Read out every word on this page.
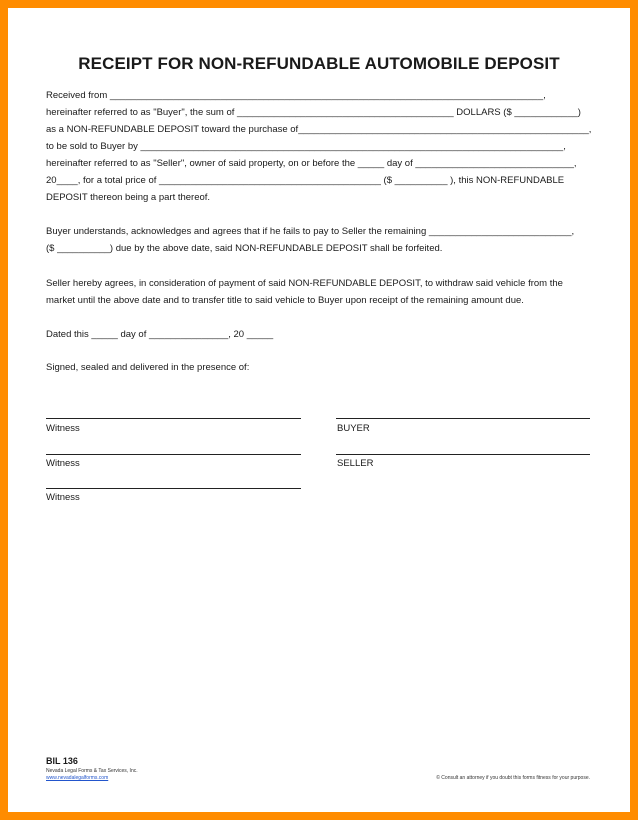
RECEIPT FOR NON-REFUNDABLE AUTOMOBILE DEPOSIT
Received from __________________________________________________________________________________,
hereinafter referred to as "Buyer", the sum of _________________________________________ DOLLARS ($ ____________)
as a NON-REFUNDABLE DEPOSIT toward the purchase of_______________________________________________________,
to be sold to Buyer by ________________________________________________________________________________,
hereinafter referred to as "Seller", owner of said property, on or before the _____ day of ______________________________,
20____, for a total price of __________________________________________ ($ __________ ), this NON-REFUNDABLE
DEPOSIT thereon being a part thereof.
Buyer understands, acknowledges and agrees that if he fails to pay to Seller the remaining ___________________________,
($ __________) due by the above date, said NON-REFUNDABLE DEPOSIT shall be forfeited.
Seller hereby agrees, in consideration of payment of said NON-REFUNDABLE DEPOSIT, to withdraw said vehicle from the
market until the above date and to transfer title to said vehicle to Buyer upon receipt of the remaining amount due.
Dated this _____ day of _______________, 20 _____
Signed, sealed and delivered in the presence of:
Witness	BUYER
Witness	SELLER
Witness
BIL 136
Nevada Legal Forms & Tax Services, Inc.
www.nevadalegalforms.com	© Consult an attorney if you doubt this forms fitness for your purpose.
